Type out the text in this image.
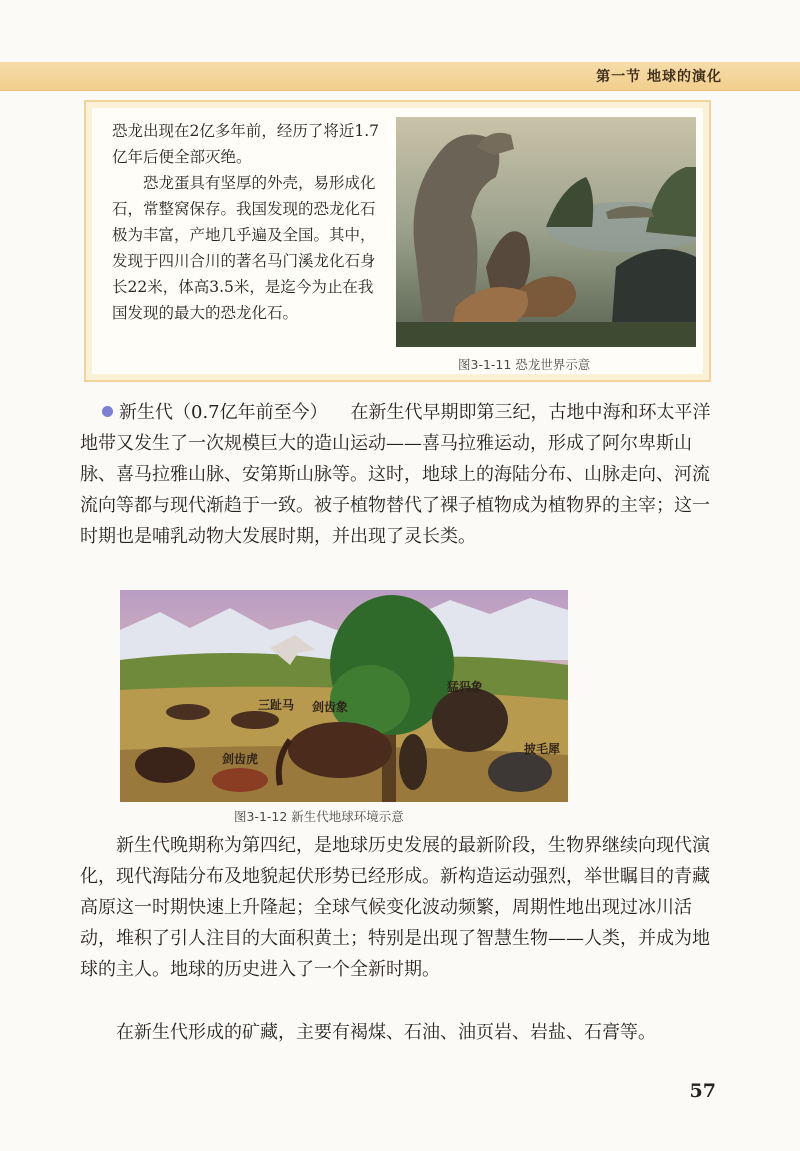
第一节 地球的演化

恐龙出现在2亿多年前，经历了将近1.7亿年后便全部灭绝。

恐龙蛋具有坚厚的外壳，易形成化石，常整窝保存。我国发现的恐龙化石极为丰富，产地几乎遍及全国。其中，发现于四川合川的著名马门溪龙化石身长22米，体高3.5米，是迄今为止在我国发现的最大的恐龙化石。

图3-1-11 恐龙世界示意

新生代（0.7亿年前至今） 在新生代早期即第三纪，古地中海和环太平洋地带又发生了一次规模巨大的造山运动——喜马拉雅运动，形成了阿尔卑斯山脉、喜马拉雅山脉、安第斯山脉等。这时，地球上的海陆分布、山脉走向、河流流向等都与现代渐趋于一致。被子植物替代了裸子植物成为植物界的主宰；这一时期也是哺乳动物大发展时期，并出现了灵长类。

三趾马 剑齿象
猛犸象
披毛犀
剑齿虎
图3-1-12 新生代地球环境示意

新生代晚期称为第四纪，是地球历史发展的最新阶段，生物界继续向现代演化，现代海陆分布及地貌起伏形势已经形成。新构造运动强烈，举世瞩目的青藏高原这一时期快速上升隆起；全球气候变化波动频繁，周期性地出现过冰川活动，堆积了引人注目的大面积黄土；特别是出现了智慧生物——人类，并成为地球的主人。地球的历史进入了一个全新时期。

在新生代形成的矿藏，主要有褐煤、石油、油页岩、岩盐、石膏等。

57
